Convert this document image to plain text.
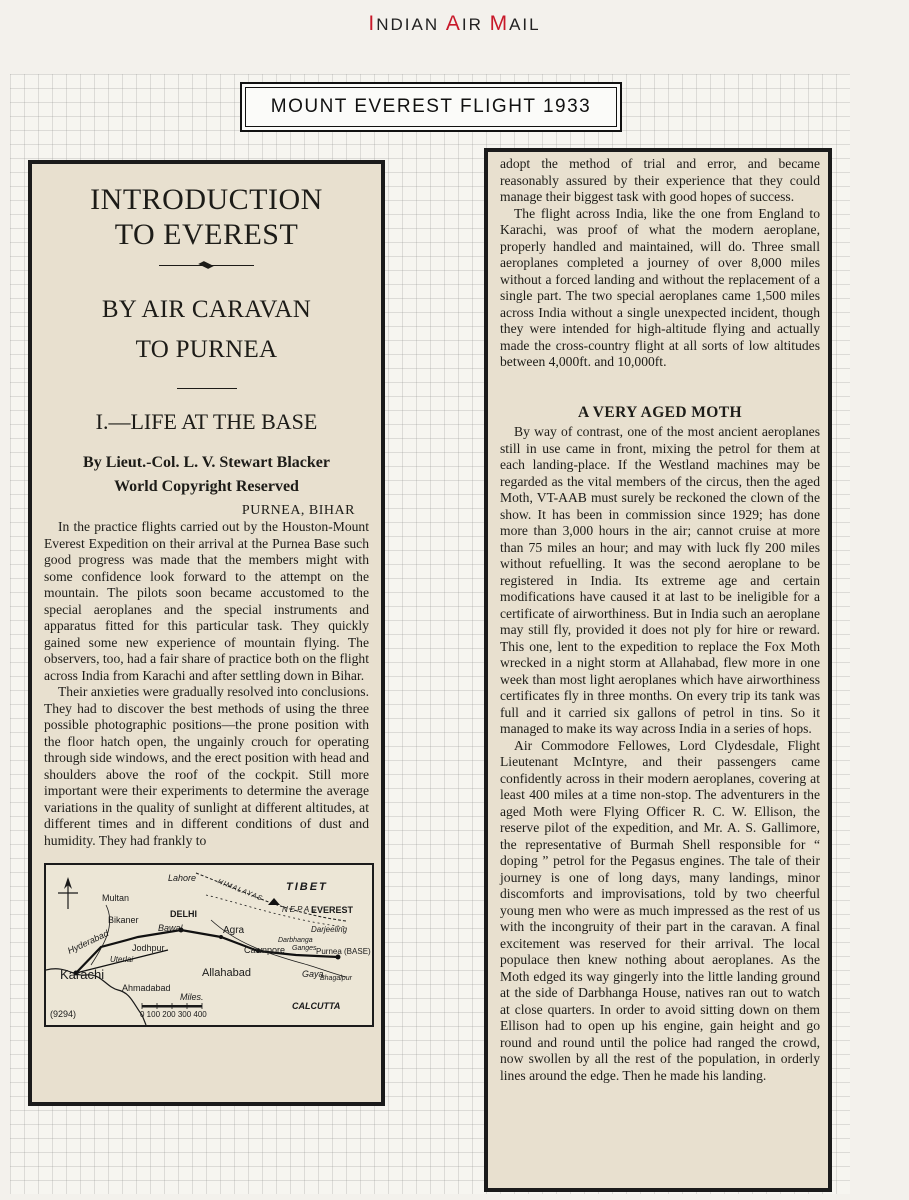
INDIAN AIR MAIL
MOUNT EVEREST FLIGHT 1933
INTRODUCTION
TO EVEREST
BY AIR CARAVAN
TO PURNEA
I.—LIFE AT THE BASE
By Lieut.-Col. L. V. Stewart Blacker
World Copyright Reserved
PURNEA, BIHAR

In the practice flights carried out by the Houston-Mount Everest Expedition on their arrival at the Purnea Base such good progress was made that the members might with some confidence look forward to the attempt on the mountain. The pilots soon became accustomed to the special aeroplanes and the special instruments and apparatus fitted for this particular task. They quickly gained some new experience of mountain flying. The observers, too, had a fair share of practice both on the flight across India from Karachi and after settling down in Bihar.

Their anxieties were gradually resolved into conclusions. They had to discover the best methods of using the three possible photographic positions—the prone position with the floor hatch open, the ungainly crouch for operating through side windows, and the erect position with head and shoulders above the roof of the cockpit. Still more important were their experiments to determine the average variations in the quality of sunlight at different altitudes, at different times and in different conditions of dust and humidity. They had frankly to

Lahore
Multan
TIBET
HIMALAYAS
NEPAL
EVEREST
DELHI
Bikaner
Bawal	Agra	Darjeeling
Darbhanga
Hyderabad Jodhpur	Cawnpore Ganges Purnea (BASE)
Uterlai
Karachi	Allahabad	Gaya
Bhagalpur
Ahmadabad
Miles.
0 100 200 300 400
CALCUTTA
(9294)

adopt the method of trial and error, and became reasonably assured by their experience that they could manage their biggest task with good hopes of success.

The flight across India, like the one from England to Karachi, was proof of what the modern aeroplane, properly handled and maintained, will do. Three small aeroplanes completed a journey of over 8,000 miles without a forced landing and without the replacement of a single part. The two special aeroplanes came 1,500 miles across India without a single unexpected incident, though they were intended for high-altitude flying and actually made the cross-country flight at all sorts of low altitudes between 4,000ft. and 10,000ft.

A VERY AGED MOTH

By way of contrast, one of the most ancient aeroplanes still in use came in front, mixing the petrol for them at each landing-place. If the Westland machines may be regarded as the vital members of the circus, then the aged Moth, VT-AAB must surely be reckoned the clown of the show. It has been in commission since 1929; has done more than 3,000 hours in the air; cannot cruise at more than 75 miles an hour; and may with luck fly 200 miles without refuelling. It was the second aeroplane to be registered in India. Its extreme age and certain modifications have caused it at last to be ineligible for a certificate of airworthiness. But in India such an aeroplane may still fly, provided it does not ply for hire or reward. This one, lent to the expedition to replace the Fox Moth wrecked in a night storm at Allahabad, flew more in one week than most light aeroplanes which have airworthiness certificates fly in three months. On every trip its tank was full and it carried six gallons of petrol in tins. So it managed to make its way across India in a series of hops.

Air Commodore Fellowes, Lord Clydesdale, Flight Lieutenant McIntyre, and their passengers came confidently across in their modern aeroplanes, covering at least 400 miles at a time non-stop. The adventurers in the aged Moth were Flying Officer R. C. W. Ellison, the reserve pilot of the expedition, and Mr. A. S. Gallimore, the representative of Burmah Shell responsible for “ doping ” petrol for the Pegasus engines. The tale of their journey is one of long days, many landings, minor discomforts and improvisations, told by two cheerful young men who were as much impressed as the rest of us with the incongruity of their part in the caravan. A final excitement was reserved for their arrival. The local populace then knew nothing about aeroplanes. As the Moth edged its way gingerly into the little landing ground at the side of Darbhanga House, natives ran out to watch at close quarters. In order to avoid sitting down on them Ellison had to open up his engine, gain height and go round and round until the police had ranged the crowd, now swollen by all the rest of the population, in orderly lines around the edge. Then he made his landing.
